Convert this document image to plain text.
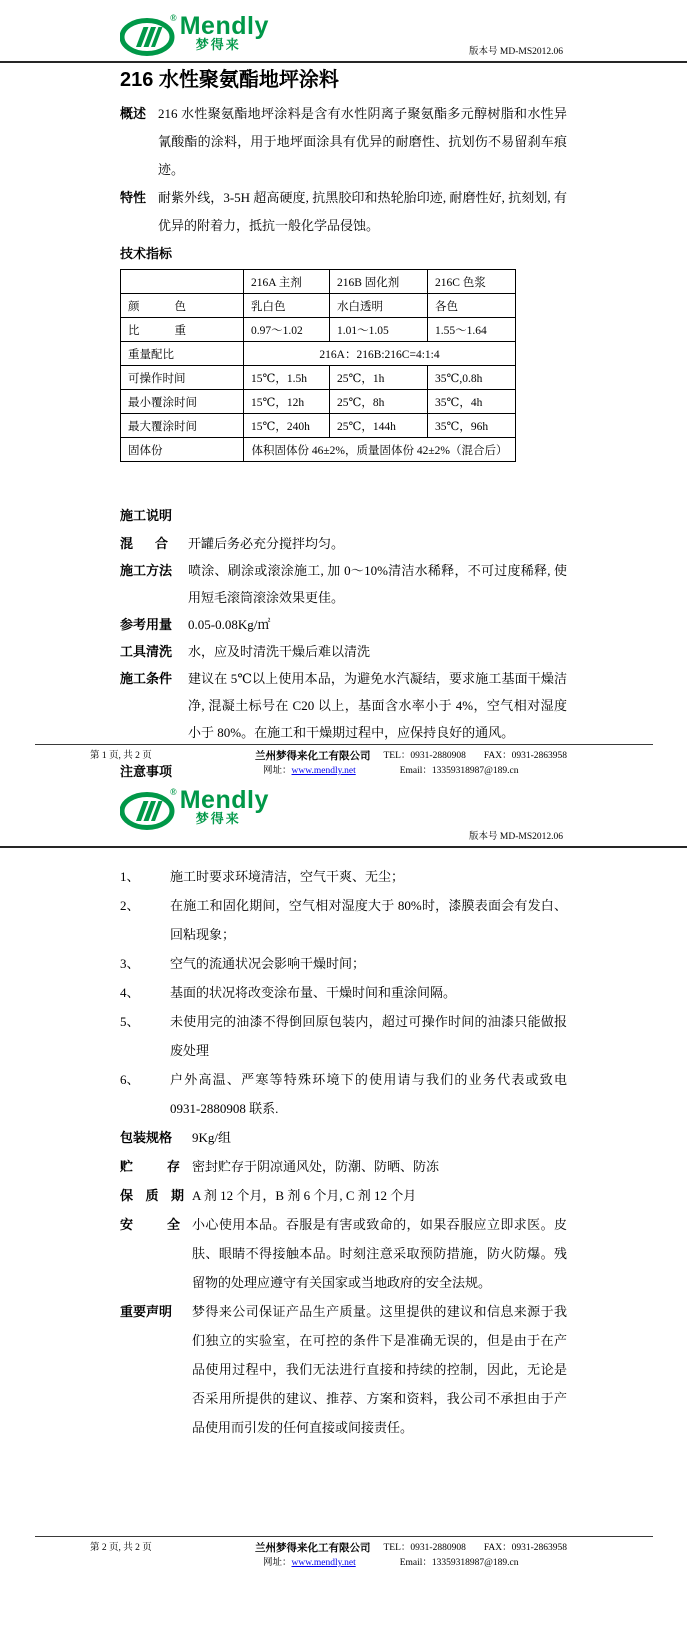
® Mendly
梦得来	版本号 MD-MS2012.06
216 水性聚氨酯地坪涂料
概述 216 水性聚氨酯地坪涂料是含有水性阴离子聚氨酯多元醇树脂和水性异氰酸酯的涂料，用于地坪面涂具有优异的耐磨性、抗划伤不易留刹车痕迹。
特性 耐紫外线，3-5H 超高硬度, 抗黑胶印和热轮胎印迹, 耐磨性好, 抗刻划, 有优异的附着力，抵抗一般化学品侵蚀。
技术指标
	216A 主剂	216B 固化剂	216C 色浆
颜色	乳白色	水白透明	各色
比重	0.97～1.02	1.01～1.05	1.55～1.64
重量配比	216A：216B:216C=4:1:4		
可操作时间	15℃，1.5h	25℃，1h	35℃,0.8h
最小覆涂时间	15℃，12h	25℃，8h	35℃，4h
最大覆涂时间	15℃，240h	25℃，144h	35℃，96h
固体份	体积固体份 46±2%，质量固体份 42±2%（混合后）		
施工说明
混合	开罐后务必充分搅拌均匀。
施工方法	喷涂、刷涂或滚涂施工, 加 0～10%清洁水稀释，不可过度稀释, 使用短毛滚筒滚涂效果更佳。
参考用量	0.05-0.08Kg/㎡
工具清洗	水，应及时清洗干燥后难以清洗
施工条件	建议在 5℃以上使用本品，为避免水汽凝结，要求施工基面干燥洁净, 混凝土标号在 C20 以上，基面含水率小于 4%，空气相对湿度小于 80%。在施工和干燥期过程中，应保持良好的通风。
注意事项
第 1 页, 共 2 页	兰州梦得来化工有限公司 TEL：0931-2880908 FAX：0931-2863958
网址：www.mendly.net	Email：13359318987@189.cn
® Mendly
梦得来
版本号 MD-MS2012.06
1、	施工时要求环境清洁，空气干爽、无尘；
2、	在施工和固化期间，空气相对湿度大于 80%时，漆膜表面会有发白、回粘现象；
3、	空气的流通状况会影响干燥时间；
4、	基面的状况将改变涂布量、干燥时间和重涂间隔。
5、	未使用完的油漆不得倒回原包装内，超过可操作时间的油漆只能做报废处理
6、	户外高温、严寒等特殊环境下的使用请与我们的业务代表或致电 0931-2880908 联系.
包装规格	9Kg/组
贮存 密封贮存于阴凉通风处，防潮、防晒、防冻
保质期 A 剂 12 个月，B 剂 6 个月, C 剂 12 个月
安全 小心使用本品。吞服是有害或致命的，如果吞服应立即求医。皮肤、眼睛不得接触本品。时刻注意采取预防措施，防火防爆。残留物的处理应遵守有关国家或当地政府的安全法规。
重要声明	梦得来公司保证产品生产质量。这里提供的建议和信息来源于我们独立的实验室，在可控的条件下是准确无误的，但是由于在产品使用过程中，我们无法进行直接和持续的控制，因此，无论是否采用所提供的建议、推荐、方案和资料，我公司不承担由于产品使用而引发的任何直接或间接责任。
第 2 页, 共 2 页	兰州梦得来化工有限公司 TEL：0931-2880908 FAX：0931-2863958
网址：www.mendly.net	Email：13359318987@189.cn
